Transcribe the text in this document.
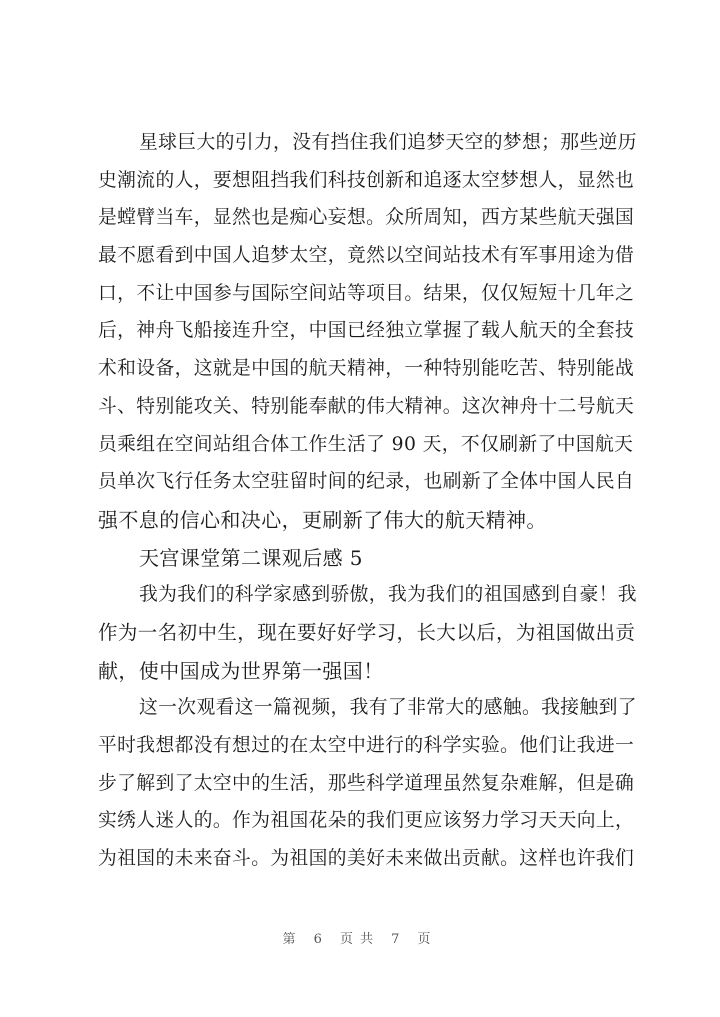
星球巨大的引力，没有挡住我们追梦天空的梦想；那些逆历
史潮流的人，要想阻挡我们科技创新和追逐太空梦想人，显然也
是螳臂当车，显然也是痴心妄想。众所周知，西方某些航天强国
最不愿看到中国人追梦太空，竟然以空间站技术有军事用途为借
口，不让中国参与国际空间站等项目。结果，仅仅短短十几年之
后，神舟飞船接连升空，中国已经独立掌握了载人航天的全套技
术和设备，这就是中国的航天精神，一种特别能吃苦、特别能战
斗、特别能攻关、特别能奉献的伟大精神。这次神舟十二号航天
员乘组在空间站组合体工作生活了 90 天，不仅刷新了中国航天
员单次飞行任务太空驻留时间的纪录，也刷新了全体中国人民自
强不息的信心和决心，更刷新了伟大的航天精神。
天宫课堂第二课观后感 5
我为我们的科学家感到骄傲，我为我们的祖国感到自豪！我
作为一名初中生，现在要好好学习，长大以后，为祖国做出贡
献，使中国成为世界第一强国！
这一次观看这一篇视频，我有了非常大的感触。我接触到了
平时我想都没有想过的在太空中进行的科学实验。他们让我进一
步了解到了太空中的生活，那些科学道理虽然复杂难解，但是确
实绣人迷人的。作为祖国花朵的我们更应该努力学习天天向上，
为祖国的未来奋斗。为祖国的美好未来做出贡献。这样也许我们
第 6 页共 7 页
